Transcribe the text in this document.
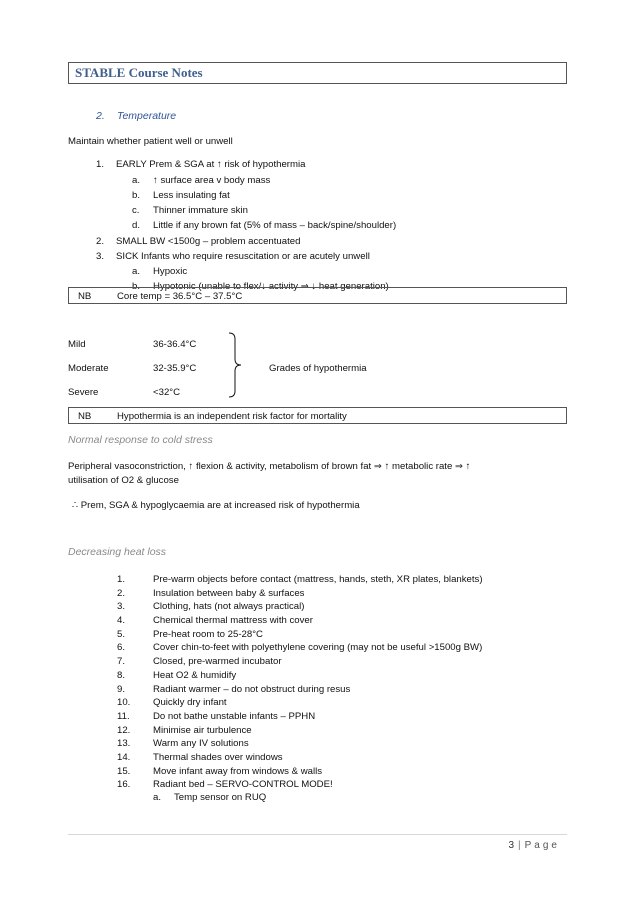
STABLE Course Notes
2. Temperature
Maintain whether patient well or unwell
1. EARLY Prem & SGA at ↑ risk of hypothermia
a. ↑ surface area v body mass
b. Less insulating fat
c. Thinner immature skin
d. Little if any brown fat (5% of mass – back/spine/shoulder)
2. SMALL BW <1500g – problem accentuated
3. SICK Infants who require resuscitation or are acutely unwell
a. Hypoxic
b. Hypotonic (unable to flex/↓ activity ⇒ ↓ heat generation)
NB	Core temp = 36.5°C – 37.5°C
Mild	36-36.4°C
Moderate	32-35.9°C
Severe	<32°C
Grades of hypothermia
NB	Hypothermia is an independent risk factor for mortality
Normal response to cold stress
Peripheral vasoconstriction, ↑ flexion & activity, metabolism of brown fat ⇒ ↑ metabolic rate ⇒ ↑
utilisation of O2 & glucose
∴ Prem, SGA & hypoglycaemia are at increased risk of hypothermia
Decreasing heat loss
1.	Pre-warm objects before contact (mattress, hands, steth, XR plates, blankets)
2.	Insulation between baby & surfaces
3.	Clothing, hats (not always practical)
4.	Chemical thermal mattress with cover
5.	Pre-heat room to 25-28°C
6.	Cover chin-to-feet with polyethylene covering (may not be useful >1500g BW)
7.	Closed, pre-warmed incubator
8.	Heat O2 & humidify
9.	Radiant warmer – do not obstruct during resus
10. Quickly dry infant
11. Do not bathe unstable infants – PPHN
12. Minimise air turbulence
13. Warm any IV solutions
14. Thermal shades over windows
15. Move infant away from windows & walls
16. Radiant bed – SERVO-CONTROL MODE!
a. Temp sensor on RUQ
3 | Page
